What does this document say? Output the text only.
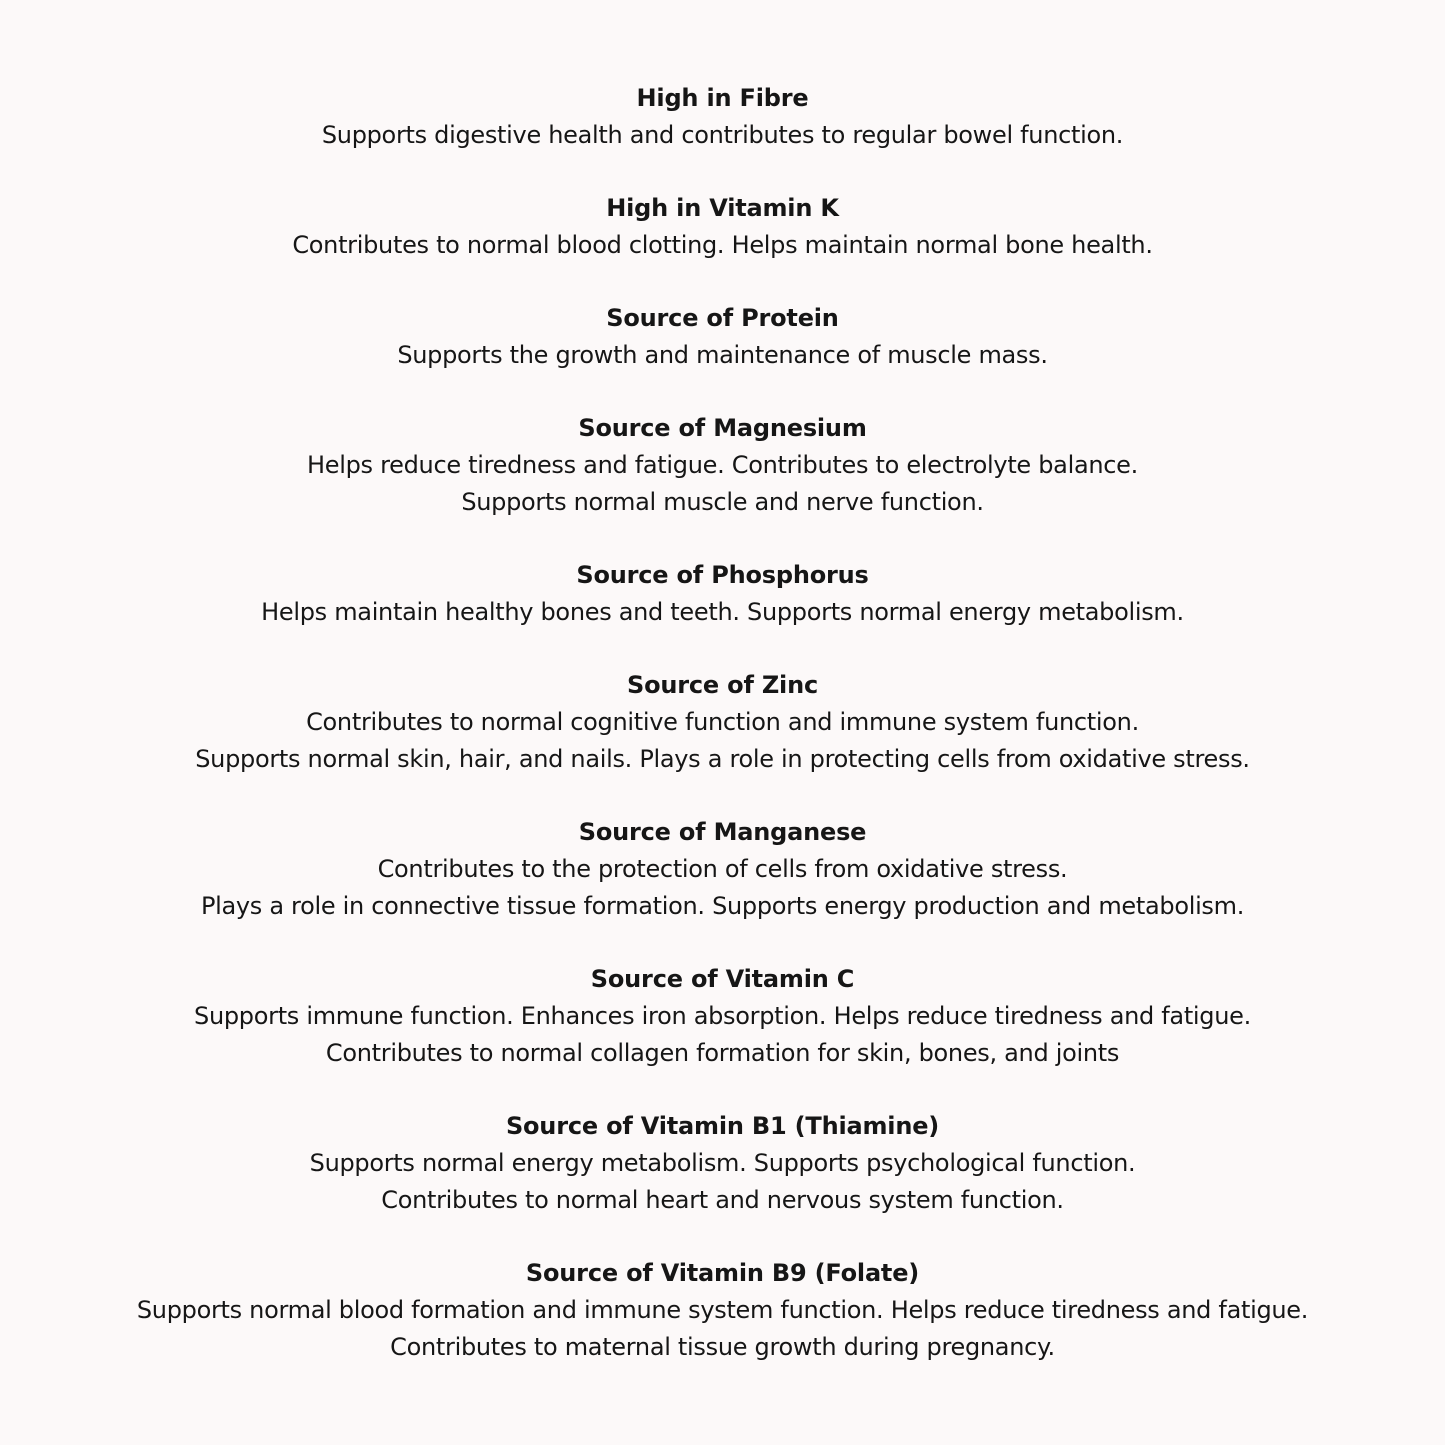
High in Fibre
Supports digestive health and contributes to regular bowel function.
High in Vitamin K
Contributes to normal blood clotting. Helps maintain normal bone health.
Source of Protein
Supports the growth and maintenance of muscle mass.
Source of Magnesium
Helps reduce tiredness and fatigue. Contributes to electrolyte balance.
Supports normal muscle and nerve function.
Source of Phosphorus
Helps maintain healthy bones and teeth. Supports normal energy metabolism.
Source of Zinc
Contributes to normal cognitive function and immune system function.
Supports normal skin, hair, and nails. Plays a role in protecting cells from oxidative stress.
Source of Manganese
Contributes to the protection of cells from oxidative stress.
Plays a role in connective tissue formation. Supports energy production and metabolism.
Source of Vitamin C
Supports immune function. Enhances iron absorption. Helps reduce tiredness and fatigue.
Contributes to normal collagen formation for skin, bones, and joints
Source of Vitamin B1 (Thiamine)
Supports normal energy metabolism. Supports psychological function.
Contributes to normal heart and nervous system function.
Source of Vitamin B9 (Folate)
Supports normal blood formation and immune system function. Helps reduce tiredness and fatigue.
Contributes to maternal tissue growth during pregnancy.
